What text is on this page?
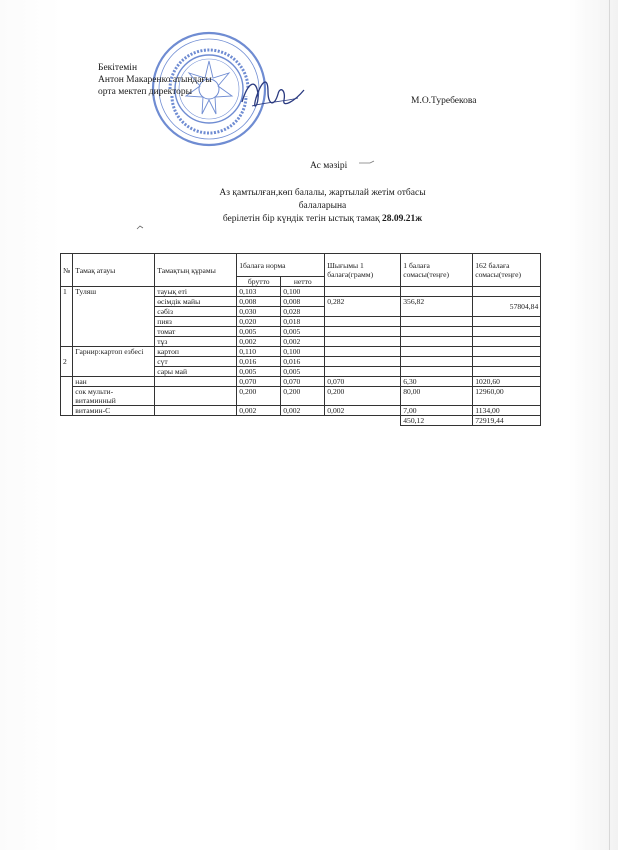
Бекітемін
Антон Макаренко атындағы
орта мектеп директоры
М.О.Туребекова
Ас мәзірі
Аз қамтылған,көп балалы, жартылай жетім отбасы балаларына
берілетін бір күндік тегін ыстық тамақ 28.09.21ж
№	Тамақ атауы	Тамақтың құрамы	1балаға норма		Шығымы 1 балаға(грамм)	1 балаға сомасы(теңге)	162 балаға сомасы(теңге)
			брутто	нетто			
1	Туляш	тауық еті	0,103	0,100			
		өсімдік майы	0,008	0,008	0,282	356,82	57804,84
		сәбіз	0,030	0,028			
		пияз	0,020	0,018			
		томат	0,005	0,005			
		тұз	0,002	0,002			
2	Гарнир:картоп езбесі	картоп	0,110	0,100			
		сүт	0,016	0,016			
		сары май	0,005	0,005			
	нан		0,070	0,070	0,070	6,30	1020,60
	сок мульти-витаминный		0,200	0,200	0,200	80,00	12960,00
	витамин-С		0,002	0,002	0,002	7,00	1134,00
						450,12	72919,44
